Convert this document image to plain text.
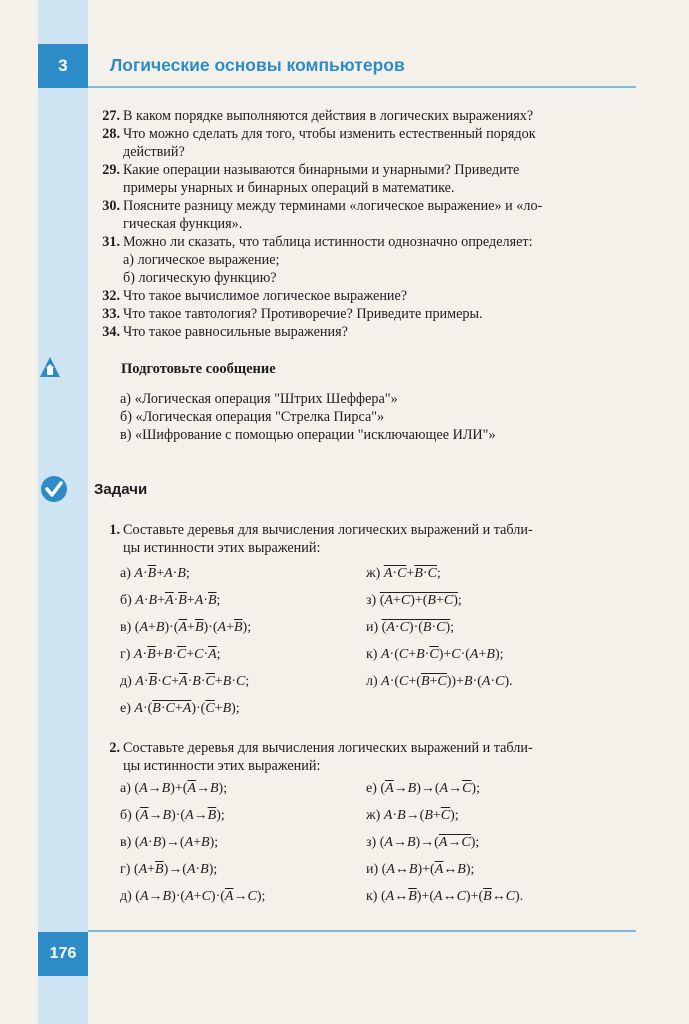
3	Логические основы компьютеров
27. В каком порядке выполняются действия в логических выражениях?
28. Что можно сделать для того, чтобы изменить естественный порядок
действий?
29. Какие операции называются бинарными и унарными? Приведите
примеры унарных и бинарных операций в математике.
30. Поясните разницу между терминами «логическое выражение» и «ло-
гическая функция».
31. Можно ли сказать, что таблица истинности однозначно определяет:
а) логическое выражение;
б) логическую функцию?
32. Что такое вычислимое логическое выражение?
33. Что такое тавтология? Противоречие? Приведите примеры.
34. Что такое равносильные выражения?
Подготовьте сообщение
а) «Логическая операция "Штрих Шеффера"»
б) «Логическая операция "Стрелка Пирса"»
в) «Шифрование с помощью операции "исключающее ИЛИ"»
Задачи
1. Составьте деревья для вычисления логических выражений и табли-
цы истинности этих выражений:
а) $A\cdot\overline{B}+A\cdot B$;
б) $A\cdot B+\overline{A}\cdot\overline{B}+A\cdot\overline{B}$;
в) $(A+B)\cdot(\overline{A}+\overline{B})\cdot(A+\overline{B})$;
г) $A\cdot\overline{B}+B\cdot\overline{C}+C\cdot\overline{A}$;
д) $A\cdot\overline{B}\cdot C+\overline{A}\cdot B\cdot\overline{C}+B\cdot C$;
е) $A\cdot(B\cdot C+A)\cdot(\overline{C}+B)$;
ж) A·C+B·C;
з) (A+C)+(B+C);
и) (A·C)·(B·C);
к) $A\cdot(C+B\cdot\overline{C})+C\cdot(A+B)$;
л) A·(C+(B+C))+B·(A·C).
2. Составьте деревья для вычисления логических выражений и табли-
цы истинности этих выражений:
а) $(A\to B)+(\overline{A}\to B)$;
б) $(\overline{A}\to B)\cdot(A\to\overline{B})$;
в) (A·B)→(A+B);
г) $(A+\overline{B})\to(A\cdot B)$;
д) $(A\to B)\cdot(A+C)\cdot(\overline{A}\to C)$;
е) $(\overline{A}\to B)\to(A\to\overline{C})$;
ж) $A\cdot B\to(B+\overline{C})$;
з) (A→B)→(A→C);
и) $(A\leftrightarrow B)+(\overline{A}\leftrightarrow B)$;
к) $(A\leftrightarrow\overline{B})+(A\leftrightarrow C)+(\overline{B}\leftrightarrow C)$.
176
